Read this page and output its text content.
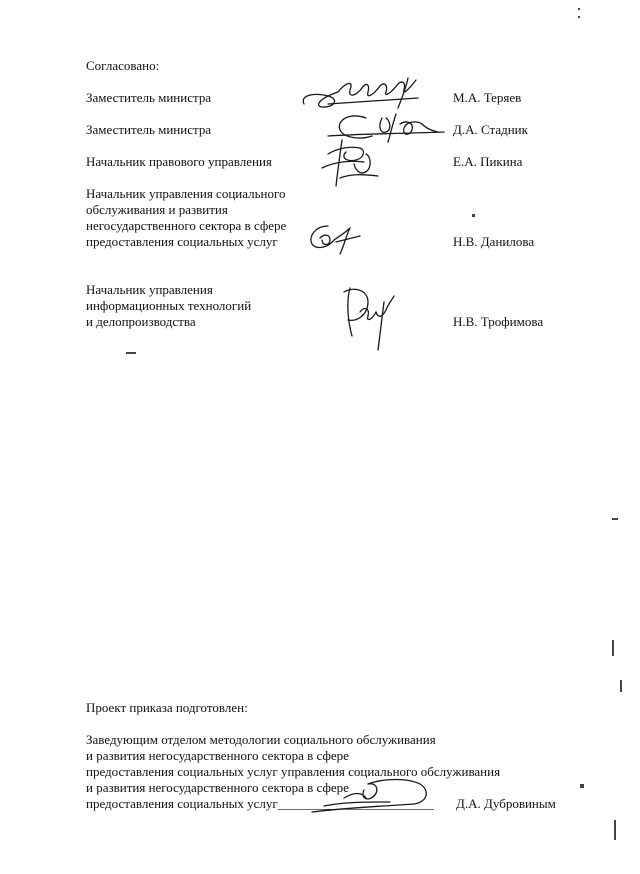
Согласовано:
Заместитель министра	М.А. Теряев
Заместитель министра	Д.А. Стадник
Начальник правового управления	Е.А. Пикина
Начальник управления социального
обслуживания и развития
негосударственного сектора в сфере
предоставления социальных услуг	Н.В. Данилова
Начальник управления
информационных технологий
и делопроизводства	Н.В. Трофимова
Проект приказа подготовлен:
Заведующим отделом методологии социального обслуживания
и развития негосударственного сектора в сфере
предоставления социальных услуг управления социального обслуживания
и развития негосударственного сектора в сфере
предоставления социальных услуг________________________	Д.А. Дубровиным
